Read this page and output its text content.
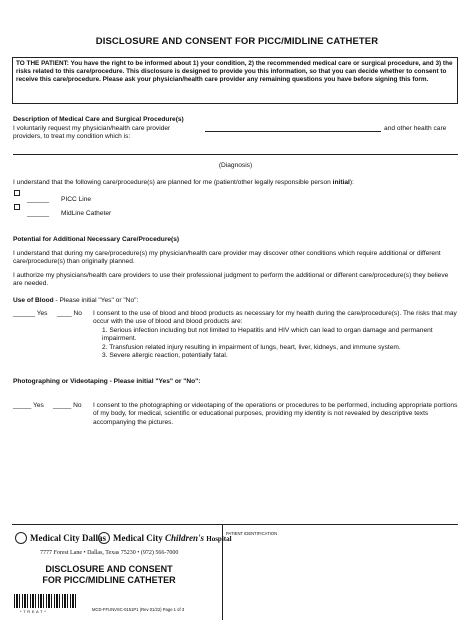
DISCLOSURE AND CONSENT FOR PICC/MIDLINE CATHETER
TO THE PATIENT: You have the right to be informed about 1) your condition, 2) the recommended medical care or surgical procedure, and 3) the risks related to this care/procedure. This disclosure is designed to provide you this information, so that you can decide whether to consent to receive this care/procedure. Please ask your physician/health care provider any remaining questions you have before signing this form.
Description of Medical Care and Surgical Procedure(s)
I voluntarily request my physician/health care provider	and other health care
providers, to treat my condition which is:
(Diagnosis)
I understand that the following care/procedure(s) are planned for me (patient/other legally responsible person initial):
______ PICC Line
______ MidLine Catheter
Potential for Additional Necessary Care/Procedure(s)
I understand that during my care/procedure(s) my physician/health care provider may discover other conditions which require additional or different care/procedure(s) than originally planned.
I authorize my physicians/health care providers to use their professional judgment to perform the additional or different care/procedure(s) they believe are needed.
Use of Blood - Please initial "Yes" or "No":
______ Yes ____ No I consent to the use of blood and blood products as necessary for my health during the care/procedure(s). The risks that may occur with the use of blood and blood products are:
1. Serious infection including but not limited to Hepatitis and HIV which can lead to organ damage and permanent impairment.
2. Transfusion related injury resulting in impairment of lungs, heart, liver, kidneys, and immune system.
3. Severe allergic reaction, potentially fatal.
Photographing or Videotaping - Please initial "Yes" or "No":
_____ Yes _____ No I consent to the photographing or videotaping of the operations or procedures to be performed, including appropriate portions of my body, for medical, scientific or educational purposes, providing my identity is not revealed by descriptive texts accompanying the pictures.
Medical City Dallas Medical City Children's Hospital
7777 Forest Lane • Dallas, Texas 75230 • (972) 566-7000
DISCLOSURE AND CONSENT
FOR PICC/MIDLINE CATHETER
PATIENT IDENTIFICATION
* T R E A T *	MCD-FFUNVSC-0151P1 (Rev 01/22) Page 1 of 3
